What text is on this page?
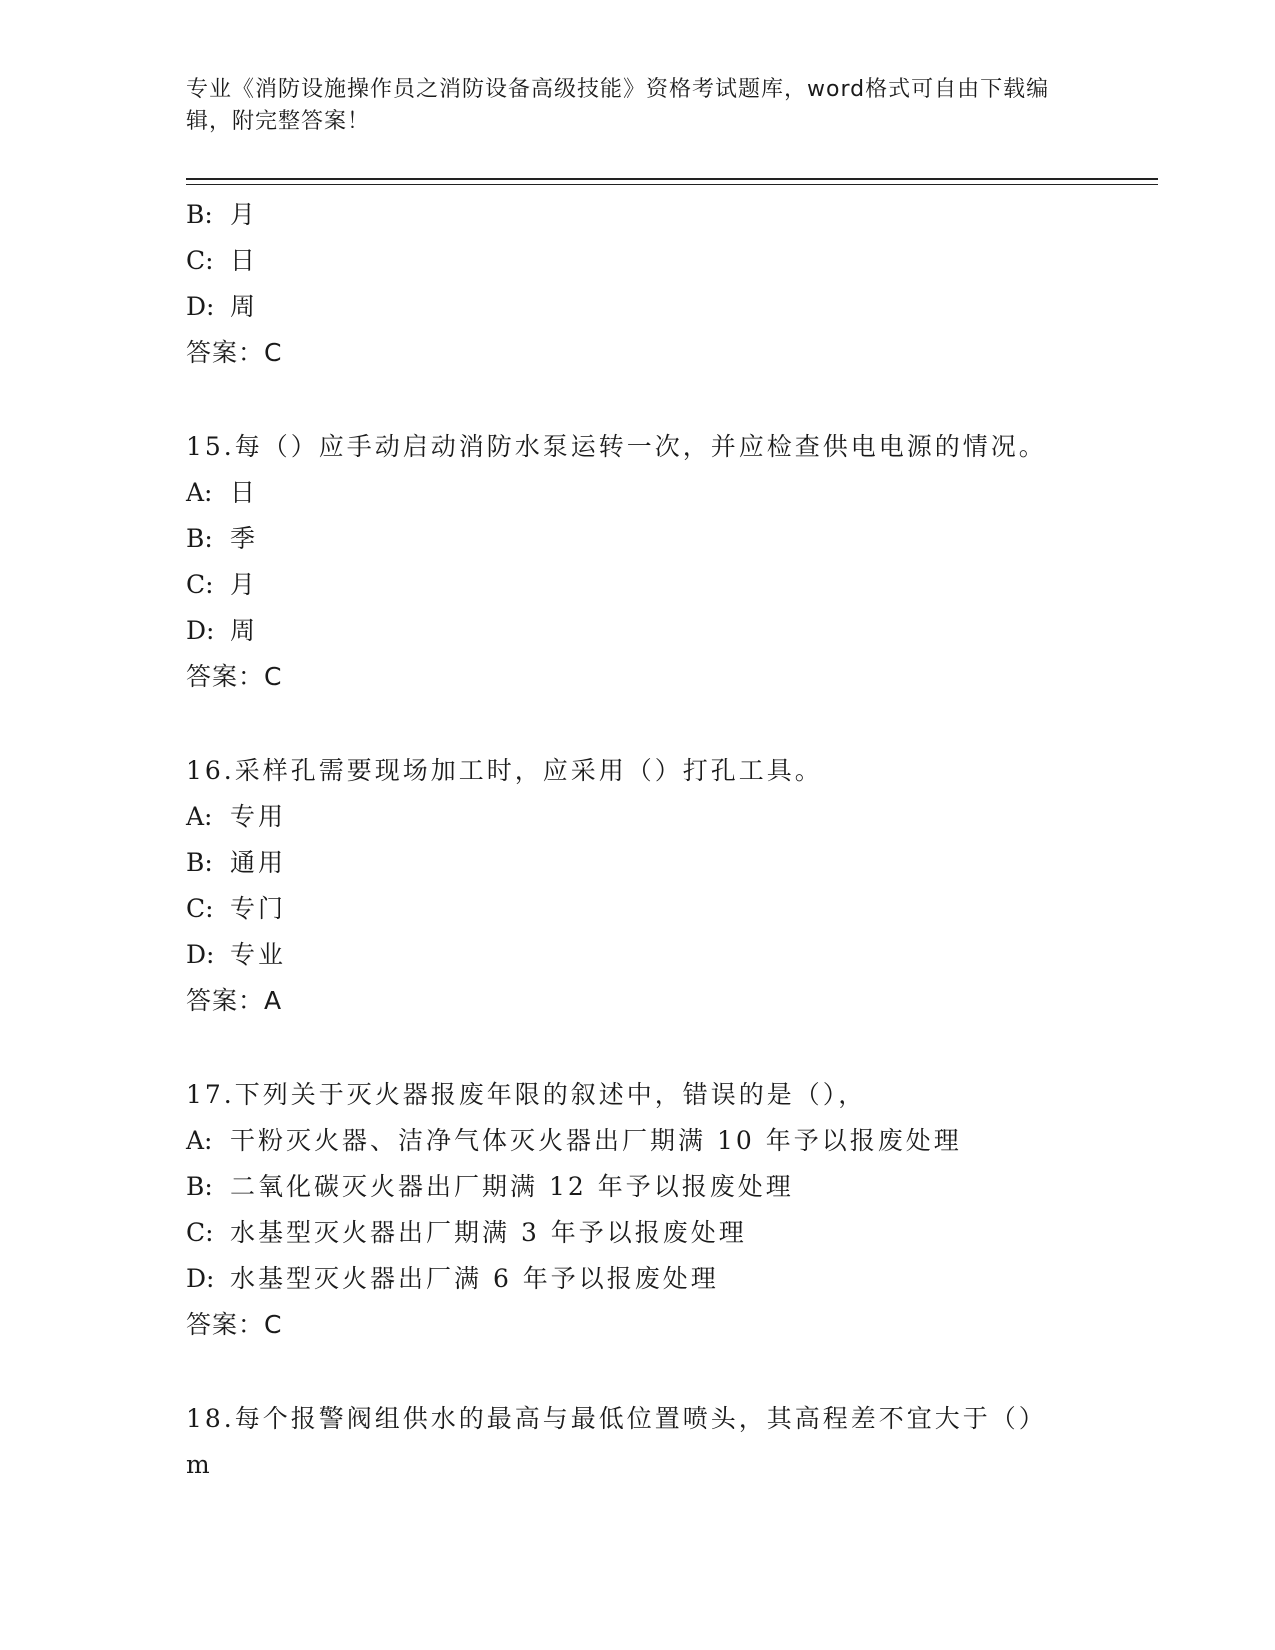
专业《消防设施操作员之消防设备高级技能》资格考试题库，word格式可自由下载编辑，附完整答案！
B: 月
C: 日
D: 周
答案：C
15.每（）应手动启动消防水泵运转一次，并应检查供电电源的情况。
A: 日
B: 季
C: 月
D: 周
答案：C
16.采样孔需要现场加工时，应采用（）打孔工具。
A: 专用
B: 通用
C: 专门
D: 专业
答案：A
17.下列关于灭火器报废年限的叙述中，错误的是（），
A: 干粉灭火器、洁净气体灭火器出厂期满 10 年予以报废处理
B: 二氧化碳灭火器出厂期满 12 年予以报废处理
C: 水基型灭火器出厂期满 3 年予以报废处理
D: 水基型灭火器出厂满 6 年予以报废处理
答案：C
18.每个报警阀组供水的最高与最低位置喷头，其高程差不宜大于（）
m
